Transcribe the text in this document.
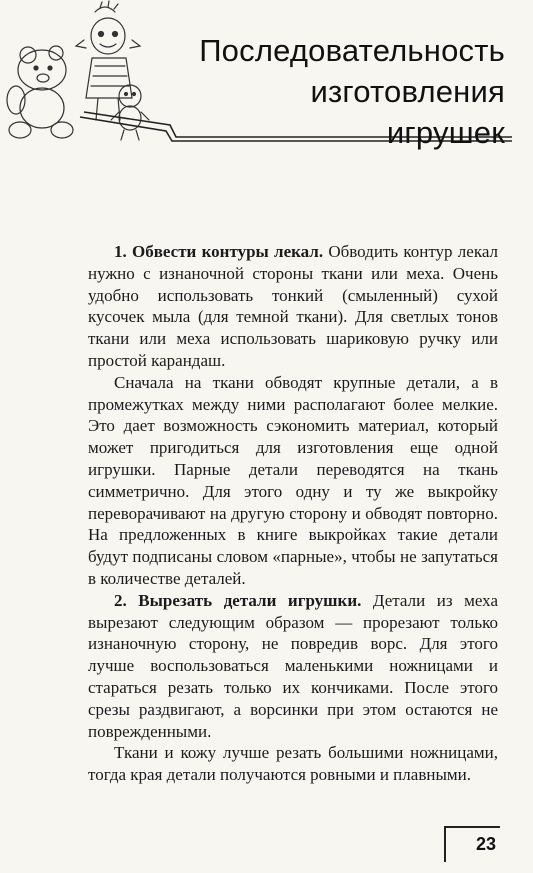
Последовательность
изготовления
игрушек

1. Обвести контуры лекал. Обводить контур лекал нужно с изнаночной стороны ткани или меха. Очень удобно использовать тонкий (смыленный) сухой кусочек мыла (для темной ткани). Для светлых тонов ткани или меха использовать шариковую ручку или простой карандаш.

Сначала на ткани обводят крупные детали, а в промежутках между ними располагают более мелкие. Это дает возможность сэкономить материал, который может пригодиться для изготовления еще одной игрушки. Парные детали переводятся на ткань симметрично. Для этого одну и ту же выкройку переворачивают на другую сторону и обводят повторно. На предложенных в книге выкройках такие детали будут подписаны словом «парные», чтобы не запутаться в количестве деталей.

2. Вырезать детали игрушки. Детали из меха вырезают следующим образом — прорезают только изнаночную сторону, не повредив ворс. Для этого лучше воспользоваться маленькими ножницами и стараться резать только их кончиками. После этого срезы раздвигают, а ворсинки при этом остаются не поврежденными.

Ткани и кожу лучше резать большими ножницами, тогда края детали получаются ровными и плавными.

23
